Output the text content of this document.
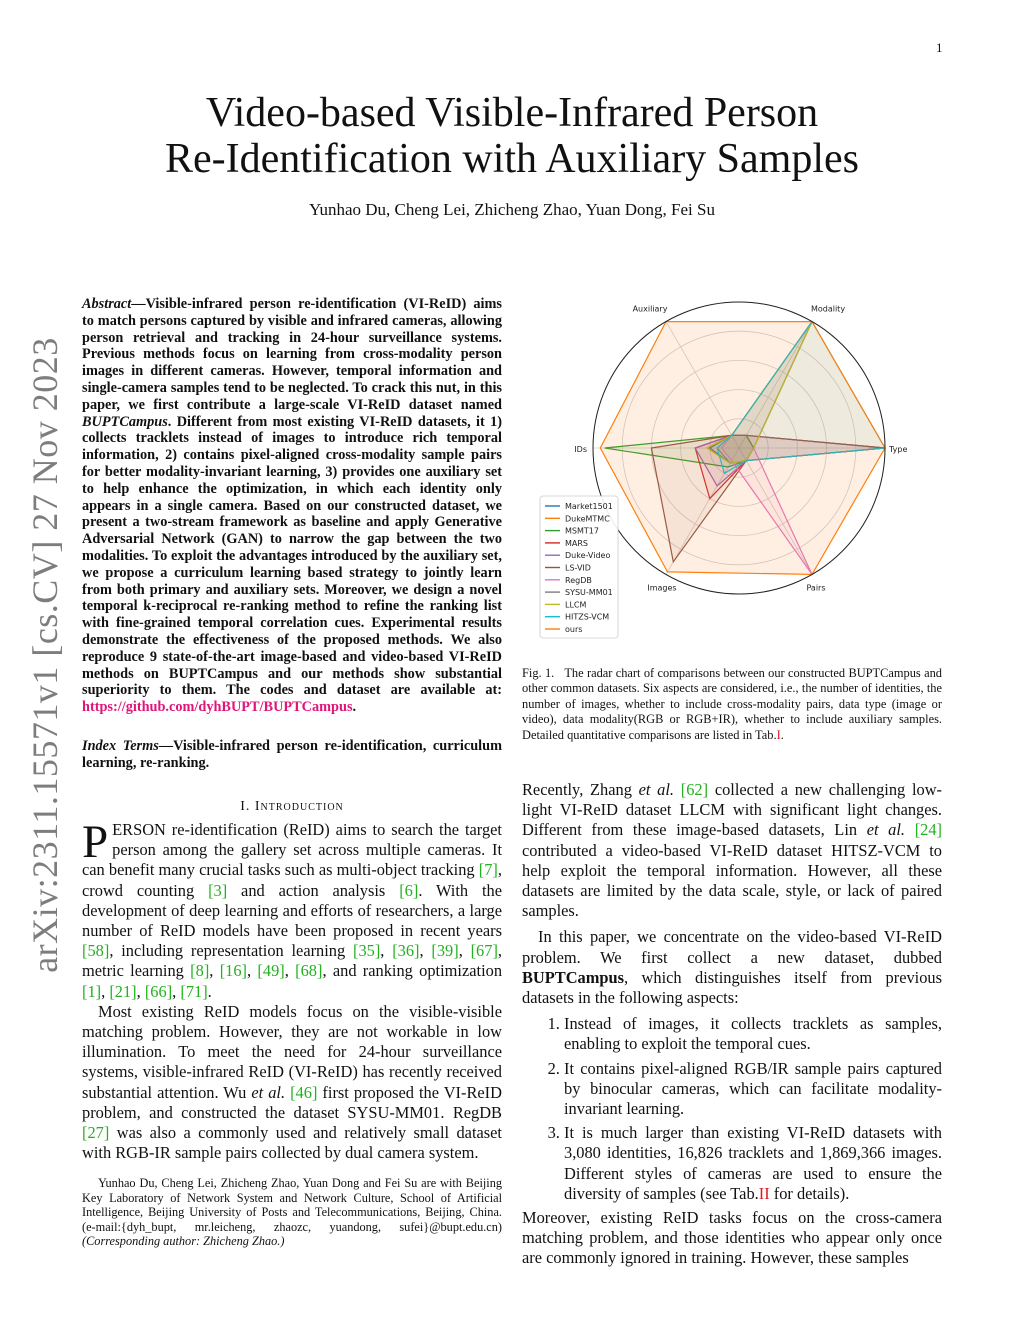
1
arXiv:2311.15571v1 [cs.CV] 27 Nov 2023
Video-based Visible-Infrared Person
Re-Identification with Auxiliary Samples
Yunhao Du, Cheng Lei, Zhicheng Zhao, Yuan Dong, Fei Su
Abstract—Visible-infrared person re-identification (VI-ReID) aims to match persons captured by visible and infrared cameras, allowing person retrieval and tracking in 24-hour surveillance systems. Previous methods focus on learning from cross-modality person images in different cameras. However, temporal information and single-camera samples tend to be neglected. To crack this nut, in this paper, we first contribute a large-scale VI-ReID dataset named BUPTCampus. Different from most existing VI-ReID datasets, it 1) collects tracklets instead of images to introduce rich temporal information, 2) contains pixel-aligned cross-modality sample pairs for better modality-invariant learning, 3) provides one auxiliary set to help enhance the optimization, in which each identity only appears in a single camera. Based on our constructed dataset, we present a two-stream framework as baseline and apply Generative Adversarial Network (GAN) to narrow the gap between the two modalities. To exploit the advantages introduced by the auxiliary set, we propose a curriculum learning based strategy to jointly learn from both primary and auxiliary sets. Moreover, we design a novel temporal k-reciprocal re-ranking method to refine the ranking list with fine-grained temporal correlation cues. Experimental results demonstrate the effectiveness of the proposed methods. We also reproduce 9 state-of-the-art image-based and video-based VI-ReID methods on BUPTCampus and our methods show substantial superiority to them. The codes and dataset are available at: https://github.com/dyhBUPT/BUPTCampus.
Index Terms—Visible-infrared person re-identification, curriculum learning, re-ranking.
I. Introduction

PERSON re-identification (ReID) aims to search the target person among the gallery set across multiple cameras. It can benefit many crucial tasks such as multi-object tracking [7], crowd counting [3] and action analysis [6]. With the development of deep learning and efforts of researchers, a large number of ReID models have been proposed in recent years [58], including representation learning [35], [36], [39], [67], metric learning [8], [16], [49], [68], and ranking optimization [1], [21], [66], [71].

Most existing ReID models focus on the visible-visible matching problem. However, they are not workable in low illumination. To meet the need for 24-hour surveillance systems, visible-infrared ReID (VI-ReID) has recently received substantial attention. Wu et al. [46] first proposed the VI-ReID problem, and constructed the dataset SYSU-MM01. RegDB [27] was also a commonly used and relatively small dataset with RGB-IR sample pairs collected by dual camera system.

Yunhao Du, Cheng Lei, Zhicheng Zhao, Yuan Dong and Fei Su are with Beijing Key Laboratory of Network System and Network Culture, School of Artificial Intelligence, Beijing University of Posts and Telecommunications, Beijing, China. (e-mail:{dyh_bupt, mr.leicheng, zhaozc, yuandong, sufei}@bupt.edu.cn) (Corresponding author: Zhicheng Zhao.)

Auxiliary	Modality
Type
Pairs
Images
IDs
Market1501
DukeMTMC
MSMT17
MARS
Duke-Video
LS-VID
RegDB
SYSU-MM01
LLCM
HITZS-VCM
ours
Fig. 1. The radar chart of comparisons between our constructed BUPTCampus and other common datasets. Six aspects are considered, i.e., the number of identities, the number of images, whether to include cross-modality pairs, data type (image or video), data modality(RGB or RGB+IR), whether to include auxiliary samples. Detailed quantitative comparisons are listed in Tab.I.

Recently, Zhang et al. [62] collected a new challenging low-light VI-ReID dataset LLCM with significant light changes. Different from these image-based datasets, Lin et al. [24] contributed a video-based VI-ReID dataset HITSZ-VCM to help exploit the temporal information. However, all these datasets are limited by the data scale, style, or lack of paired samples.

In this paper, we concentrate on the video-based VI-ReID problem. We first collect a new dataset, dubbed BUPTCampus, which distinguishes itself from previous datasets in the following aspects:

1. Instead of images, it collects tracklets as samples, enabling to exploit the temporal cues.
2. It contains pixel-aligned RGB/IR sample pairs captured by binocular cameras, which can facilitate modality-invariant learning.
3. It is much larger than existing VI-ReID datasets with 3,080 identities, 16,826 tracklets and 1,869,366 images. Different styles of cameras are used to ensure the diversity of samples (see Tab.II for details).

Moreover, existing ReID tasks focus on the cross-camera matching problem, and those identities who appear only once are commonly ignored in training. However, these samples
